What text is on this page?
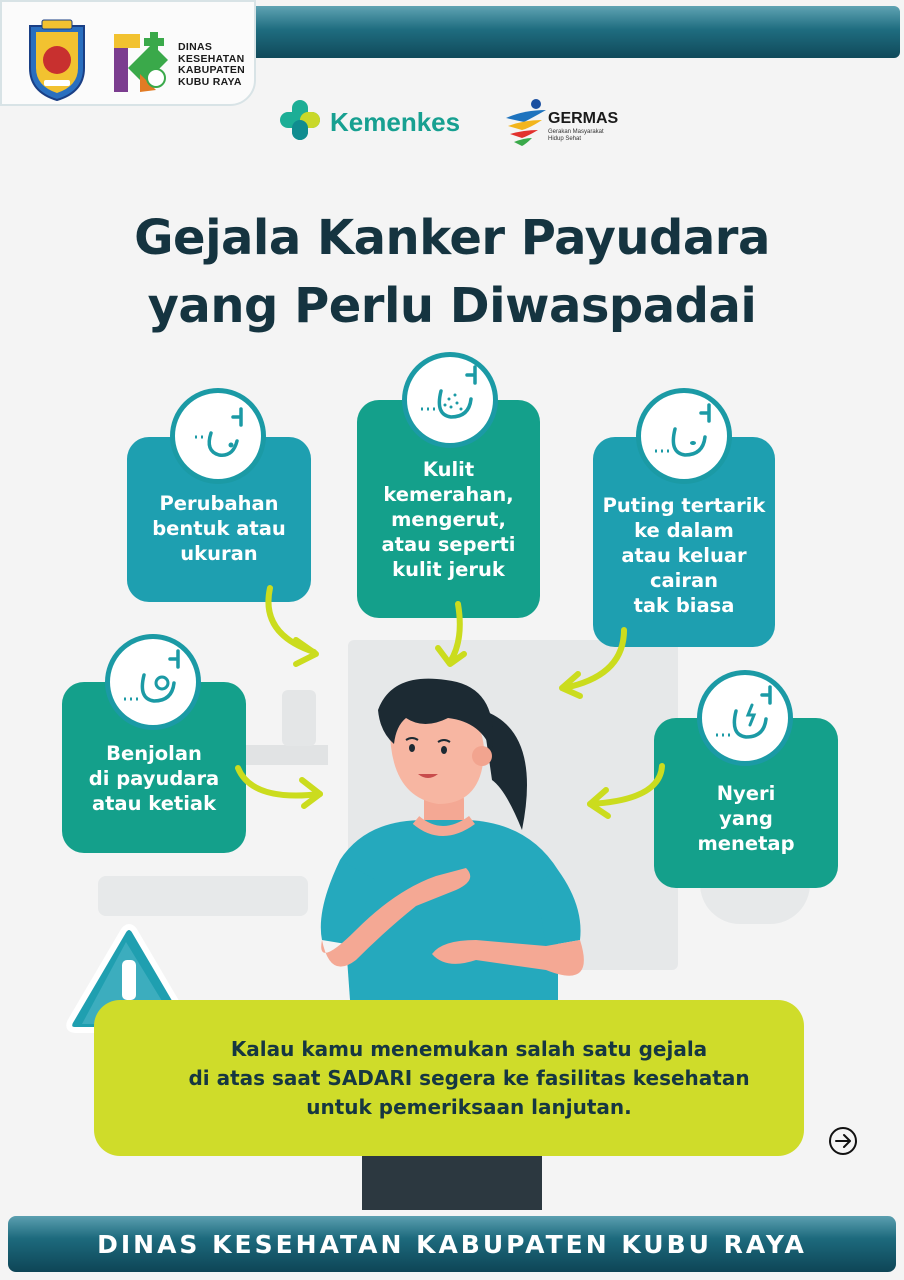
DINAS
KESEHATAN
KABUPATEN
KUBU RAYA
Kemenkes	GERMAS
Gerakan Masyarakat Hidup Sehat
Gejala Kanker Payudara
yang Perlu Diwaspadai
Perubahan
bentuk atau
ukuran
Kulit
kemerahan,
mengerut,
atau seperti
kulit jeruk
Puting tertarik
ke dalam
atau keluar
cairan
tak biasa
Benjolan
di payudara
atau ketiak	Nyeri
yang
menetap
Kalau kamu menemukan salah satu gejala
di atas saat SADARI segera ke fasilitas kesehatan
untuk pemeriksaan lanjutan.
DINAS KESEHATAN KABUPATEN KUBU RAYA
